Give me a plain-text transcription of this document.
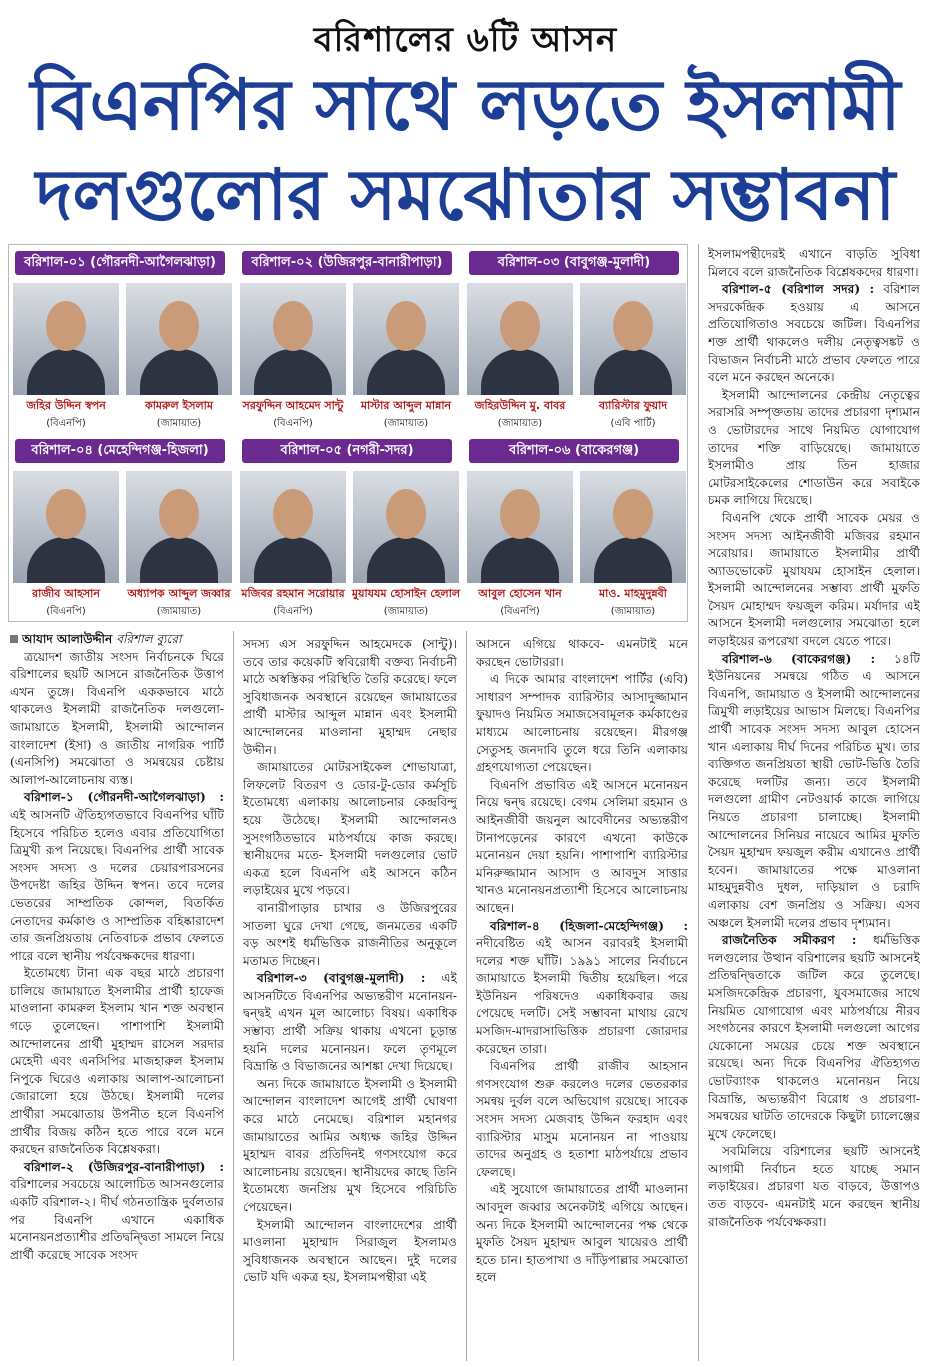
বরিশালের ৬টি আসন
বিএনপির সাথে লড়তে ইসলামী
দলগুলোর সমঝোতার সম্ভাবনা
বরিশাল-০১ (গৌরনদী-আগৈলঝাড়া)
জহির উদ্দিন স্বপন
(বিএনপি)
কামরুল ইসলাম
(জামায়াত)
বরিশাল-০২ (উজিরপুর-বানারীপাড়া)
সরফুদ্দিন আহমেদ সান্টু
(বিএনপি)
মাস্টার আব্দুল মান্নান
(জামায়াত)
বরিশাল-০৩ (বাবুগঞ্জ-মুলাদী)
জহিরউদ্দিন মু. বাবর
(জামায়াত)
ব্যারিস্টার ফুয়াদ
(এবি পার্টি)
বরিশাল-০৪ (মেহেন্দিগঞ্জ-হিজলা)
রাজীব আহসান
(বিএনপি)
অধ্যাপক আব্দুল জব্বার
(জামায়াত)
বরিশাল-০৫ (নগরী-সদর)
মজিবর রহমান সরোয়ার
(বিএনপি)
মুয়াযযম হোসাইন হেলাল
(জামায়াত)
বরিশাল-০৬ (বাকেরগঞ্জ)
আবুল হোসেন খান
(বিএনপি)
মাও. মাহমুদুন্নবী
(জামায়াত)

আযাদ আলাউদ্দীন বরিশাল ব্যুরো

ত্রয়োদশ জাতীয় সংসদ নির্বাচনকে ঘিরে বরিশালের ছয়টি আসনে রাজনৈতিক উত্তাপ এখন তুঙ্গে। বিএনপি এককভাবে মাঠে থাকলেও ইসলামী রাজনৈতিক দলগুলো- জামায়াতে ইসলামী, ইসলামী আন্দোলন বাংলাদেশ (ইসা) ও জাতীয় নাগরিক পার্টি (এনসিপি) সমঝোতা ও সমন্বয়ের চেষ্টায় আলাপ-আলোচনায় ব্যস্ত।

বরিশাল-১ (গৌরনদী-আগৈলঝাড়া) : এই আসনটি ঐতিহ্যগতভাবে বিএনপির ঘাঁটি হিসেবে পরিচিত হলেও এবার প্রতিযোগিতা ত্রিমুখী রূপ নিয়েছে। বিএনপির প্রার্থী সাবেক সংসদ সদস্য ও দলের চেয়ারপারসনের উপদেষ্টা জহির উদ্দিন স্বপন। তবে দলের ভেতরের সাম্প্রতিক কোন্দল, বিতর্কিত নেতাদের কর্মকাণ্ড ও সাম্প্রতিক বহিষ্কারাদেশ তার জনপ্রিয়তায় নেতিবাচক প্রভাব ফেলতে পারে বলে স্থানীয় পর্যবেক্ষকদের ধারণা।

ইতোমধ্যে টানা এক বছর মাঠে প্রচারণা চালিয়ে জামায়াতে ইসলামীর প্রার্থী হাফেজ মাওলানা কামরুল ইসলাম খান শক্ত অবস্থান গড়ে তুলেছেন। পাশাপাশি ইসলামী আন্দোলনের প্রার্থী মুহাম্মদ রাসেল সরদার মেহেদী এবং এনসিপির মাজহারুল ইসলাম নিপুকে ঘিরেও এলাকায় আলাপ-আলোচনা জোরালো হয়ে উঠছে। ইসলামী দলের প্রার্থীরা সমঝোতায় উপনীত হলে বিএনপি প্রার্থীর বিজয় কঠিন হতে পারে বলে মনে করছেন রাজনৈতিক বিশ্লেষকরা।

বরিশাল-২ (উজিরপুর-বানারীপাড়া) : বরিশালের সবচেয়ে আলোচিত আসনগুলোর একটি বরিশাল-২। দীর্ঘ গঠনতান্ত্রিক দুর্বলতার পর বিএনপি এখানে একাধিক মনোনয়নপ্রত্যাশীর প্রতিদ্বন্দ্বিতা সামলে নিয়ে প্রার্থী করেছে সাবেক সংসদ

সদস্য এস সরফুদ্দিন আহমেদকে (সান্টু)। তবে তার কয়েকটি স্ববিরোধী বক্তব্য নির্বাচনী মাঠে অস্বস্তিকর পরিস্থিতি তৈরি করেছে। ফলে সুবিধাজনক অবস্থানে রয়েছেন জামায়াতের প্রার্থী মাস্টার আব্দুল মান্নান এবং ইসলামী আন্দোলনের মাওলানা মুহাম্মদ নেছার উদ্দীন।

জামায়াতের মোটরসাইকেল শোভাযাত্রা, লিফলেট বিতরণ ও ডোর-টু-ডোর কর্মসূচি ইতোমধ্যে এলাকায় আলোচনার কেন্দ্রবিন্দু হয়ে উঠেছে। ইসলামী আন্দোলনও সুসংগঠিতভাবে মাঠপর্যায়ে কাজ করছে। স্থানীয়দের মতে- ইসলামী দলগুলোর ভোট একত্র হলে বিএনপি এই আসনে কঠিন লড়াইয়ের মুখে পড়বে।

বানারীপাড়ার চাখার ও উজিরপুরের সাতলা ঘুরে দেখা গেছে, জনমতের একটি বড় অংশই ধর্মভিত্তিক রাজনীতির অনুকূলে মতামত দিচ্ছেন।

বরিশাল-৩ (বাবুগঞ্জ-মুলাদী) : এই আসনটিতে বিএনপির অভ্যন্তরীণ মনোনয়ন-দ্বন্দ্বই এখন মূল আলোচ্য বিষয়। একাধিক সম্ভাব্য প্রার্থী সক্রিয় থাকায় এখনো চূড়ান্ত হয়নি দলের মনোনয়ন। ফলে তৃণমূলে বিভ্রান্তি ও বিভাজনের আশঙ্কা দেখা দিয়েছে।

অন্য দিকে জামায়াতে ইসলামী ও ইসলামী আন্দোলন বাংলাদেশ আগেই প্রার্থী ঘোষণা করে মাঠে নেমেছে। বরিশাল মহানগর জামায়াতের আমির অধ্যক্ষ জহির উদ্দিন মুহাম্মদ বাবর প্রতিদিনই গণসংযোগ করে আলোচনায় রয়েছেন। স্থানীয়দের কাছে তিনি ইতোমধ্যে জনপ্রিয় মুখ হিসেবে পরিচিতি পেয়েছেন।

ইসলামী আন্দোলন বাংলাদেশের প্রার্থী মাওলানা মুহাম্মাদ সিরাজুল ইসলামও সুবিধাজনক অবস্থানে আছেন। দুই দলের ভোট যদি একত্র হয়, ইসলামপন্থীরা এই

আসনে এগিয়ে থাকবে- এমনটাই মনে করছেন ভোটাররা।

এ দিকে আমার বাংলাদেশ পার্টির (এবি) সাধারণ সম্পাদক ব্যারিস্টার আসাদুজ্জামান ফুয়াদও নিয়মিত সমাজসেবামূলক কর্মকাণ্ডের মাধ্যমে আলোচনায় রয়েছেন। মীরগঞ্জ সেতুসহ জনদাবি তুলে ধরে তিনি এলাকায় গ্রহণযোগ্যতা পেয়েছেন।

বিএনপি প্রভাবিত এই আসনে মনোনয়ন নিয়ে দ্বন্দ্ব রয়েছে। বেগম সেলিমা রহমান ও আইনজীবী জয়নুল আবেদীনের অভ্যন্তরীণ টানাপড়েনের কারণে এখনো কাউকে মনোনয়ন দেয়া হয়নি। পাশাপাশি ব্যারিস্টার মনিরুজ্জামান আসাদ ও আবদুস সাত্তার খানও মনোনয়নপ্রত্যাশী হিসেবে আলোচনায় আছেন।

বরিশাল-৪ (হিজলা-মেহেন্দিগঞ্জ) : নদীবেষ্টিত এই আসন বরাবরই ইসলামী দলের শক্ত ঘাঁটি। ১৯৯১ সালের নির্বাচনে জামায়াতে ইসলামী দ্বিতীয় হয়েছিল। পরে ইউনিয়ন পরিষদেও একাধিকবার জয় পেয়েছে দলটি। সেই সম্ভাবনা মাথায় রেখে মসজিদ-মাদরাসাভিত্তিক প্রচারণা জোরদার করেছেন তারা।

বিএনপির প্রার্থী রাজীব আহসান গণসংযোগ শুরু করলেও দলের ভেতরকার সমন্বয় দুর্বল বলে অভিযোগ রয়েছে। সাবেক সংসদ সদস্য মেজবাহ উদ্দিন ফরহাদ এবং ব্যারিস্টার মাসুম মনোনয়ন না পাওয়ায় তাদের অনুগ্রহ ও হতাশা মাঠপর্যায়ে প্রভাব ফেলছে।

এই সুযোগে জামায়াতের প্রার্থী মাওলানা আবদুল জব্বার অনেকটাই এগিয়ে আছেন। অন্য দিকে ইসলামী আন্দোলনের পক্ষ থেকে মুফতি সৈয়দ মুহাম্মদ আবুল খায়েরও প্রার্থী হতে চান। হাতপাখা ও দাঁড়িপাল্লার সমঝোতা হলে

ইসলামপন্থীদেরই এখানে বাড়তি সুবিধা মিলবে বলে রাজনৈতিক বিশ্লেষকদের ধারণা।

বরিশাল-৫ (বরিশাল সদর) : বরিশাল সদরকেন্দ্রিক হওয়ায় এ আসনে প্রতিযোগিতাও সবচেয়ে জটিল। বিএনপির শক্ত প্রার্থী থাকলেও দলীয় নেতৃত্বসঙ্কট ও বিভাজন নির্বাচনী মাঠে প্রভাব ফেলতে পারে বলে মনে করছেন অনেকে।

ইসলামী আন্দোলনের কেন্দ্রীয় নেতৃত্বের সরাসরি সম্পৃক্ততায় তাদের প্রচারণা দৃশ্যমান ও ভোটারদের সাথে নিয়মিত যোগাযোগ তাদের শক্তি বাড়িয়েছে। জামায়াতে ইসলামীও প্রায় তিন হাজার মোটরসাইকেলের শোডাউন করে সবাইকে চমক লাগিয়ে দিয়েছে।

বিএনপি থেকে প্রার্থী সাবেক মেয়র ও সংসদ সদস্য আইনজীবী মজিবর রহমান সরোয়ার। জামায়াতে ইসলামীর প্রার্থী অ্যাডভোকেট মুয়াযযম হোসাইন হেলাল। ইসলামী আন্দোলনের সম্ভাব্য প্রার্থী মুফতি সৈয়দ মোহাম্মদ ফয়জুল করিম। মর্যাদার এই আসনে ইসলামী দলগুলোর সমঝোতা হলে লড়াইয়ের রূপরেখা বদলে যেতে পারে।

বরিশাল-৬ (বাকেরগঞ্জ) : ১৪টি ইউনিয়নের সমন্বয়ে গঠিত এ আসনে বিএনপি, জামায়াত ও ইসলামী আন্দোলনের ত্রিমুখী লড়াইয়ের আভাস মিলছে। বিএনপির প্রার্থী সাবেক সংসদ সদস্য আবুল হোসেন খান এলাকায় দীর্ঘ দিনের পরিচিত মুখ। তার ব্যক্তিগত জনপ্রিয়তা স্থায়ী ভোট-ভিত্তি তৈরি করেছে দলটির জন্য। তবে ইসলামী দলগুলো গ্রামীণ নেটওয়ার্ক কাজে লাগিয়ে নিয়তে প্রচারণা চালাচ্ছে। ইসলামী আন্দোলনের সিনিয়র নায়েবে আমির মুফতি সৈয়দ মুহাম্মদ ফয়জুল করীম এখানেও প্রার্থী হবেন। জামায়াতের পক্ষে মাওলানা মাহমুদুন্নবীও দুধল, দাড়িয়াল ও চরাদি এলাকায় বেশ জনপ্রিয় ও সক্রিয়। এসব অঞ্চলে ইসলামী দলের প্রভাব দৃশ্যমান।

রাজনৈতিক সমীকরণ : ধর্মভিত্তিক দলগুলোর উত্থান বরিশালের ছয়টি আসনেই প্রতিদ্বন্দ্বিতাকে জটিল করে তুলেছে। মসজিদকেন্দ্রিক প্রচারণা, যুবসমাজের সাথে নিয়মিত যোগাযোগ এবং মাঠপর্যায়ে নীরব সংগঠনের কারণে ইসলামী দলগুলো আগের যেকোনো সময়ের চেয়ে শক্ত অবস্থানে রয়েছে। অন্য দিকে বিএনপির ঐতিহ্যগত ভোটব্যাংক থাকলেও মনোনয়ন নিয়ে বিভ্রান্তি, অভ্যন্তরীণ বিরোধ ও প্রচারণা-সমন্বয়ের ঘাটতি তাদেরকে কিছুটা চ্যালেঞ্জের মুখে ফেলেছে।

সবমিলিয়ে বরিশালের ছয়টি আসনেই আগামী নির্বাচন হতে যাচ্ছে সমান লড়াইয়ের। প্রচারণা যত বাড়বে, উত্তাপও তত বাড়বে- এমনটাই মনে করছেন স্থানীয় রাজনৈতিক পর্যবেক্ষকরা।
